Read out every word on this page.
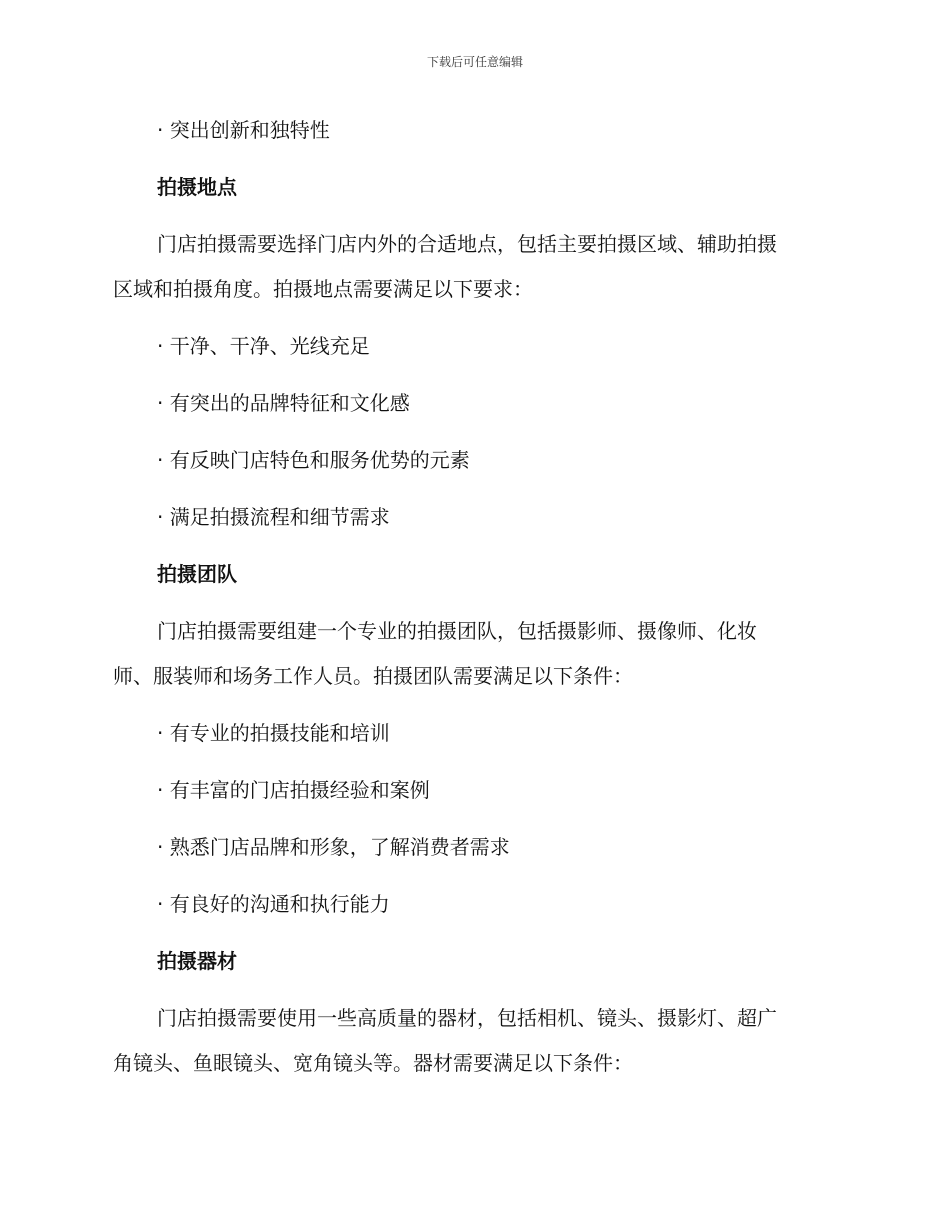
下载后可任意编辑

· 突出创新和独特性

拍摄地点

门店拍摄需要选择门店内外的合适地点，包括主要拍摄区域、辅助拍摄
区域和拍摄角度。拍摄地点需要满足以下要求：

· 干净、干净、光线充足

· 有突出的品牌特征和文化感

· 有反映门店特色和服务优势的元素

· 满足拍摄流程和细节需求

拍摄团队

门店拍摄需要组建一个专业的拍摄团队，包括摄影师、摄像师、化妆
师、服装师和场务工作人员。拍摄团队需要满足以下条件：

· 有专业的拍摄技能和培训

· 有丰富的门店拍摄经验和案例

· 熟悉门店品牌和形象，了解消费者需求

· 有良好的沟通和执行能力

拍摄器材

门店拍摄需要使用一些高质量的器材，包括相机、镜头、摄影灯、超广
角镜头、鱼眼镜头、宽角镜头等。器材需要满足以下条件：
